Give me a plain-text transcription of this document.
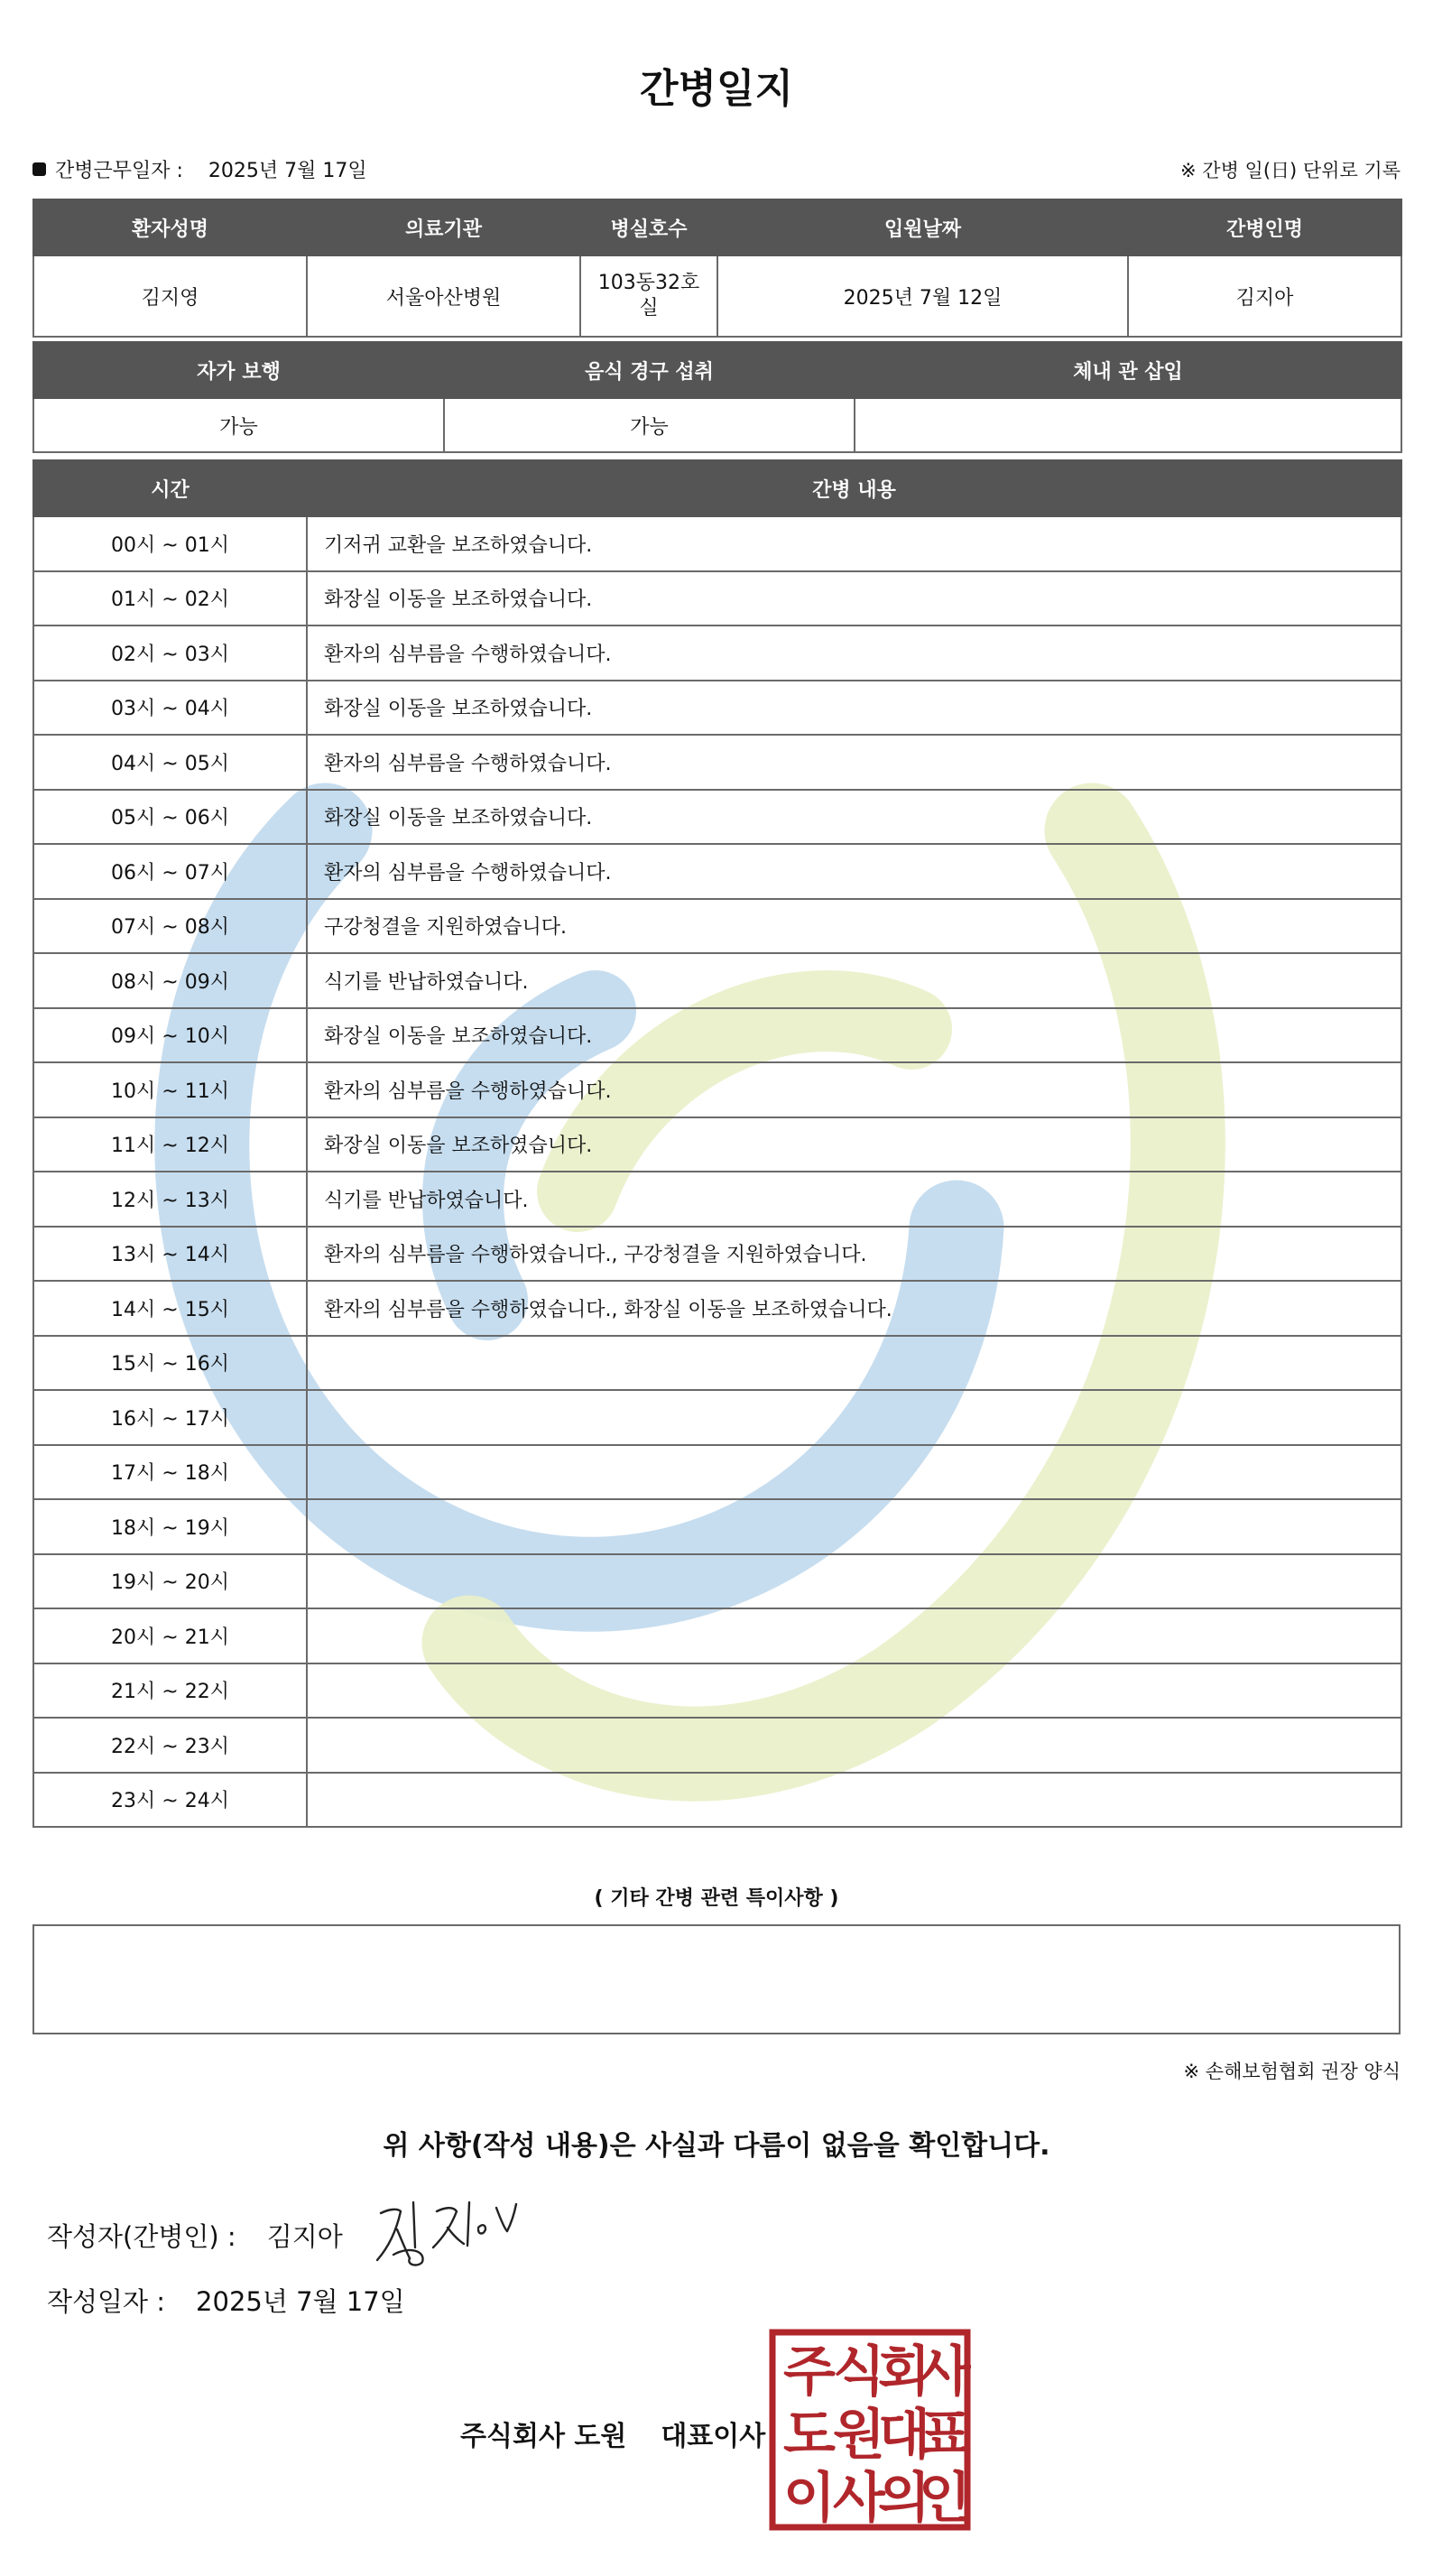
간병일지
간병근무일자 : 2025년 7월 17일	※ 간병 일(日) 단위로 기록
환자성명	의료기관	병실호수	입원날짜	간병인명
김지영	서울아산병원	103동32호실	2025년 7월 12일	김지아
자가 보행	음식 경구 섭취	체내 관 삽입
가능	가능	
시간	간병 내용
00시 ~ 01시	기저귀 교환을 보조하였습니다.
01시 ~ 02시	화장실 이동을 보조하였습니다.
02시 ~ 03시	환자의 심부름을 수행하였습니다.
03시 ~ 04시	화장실 이동을 보조하였습니다.
04시 ~ 05시	환자의 심부름을 수행하였습니다.
05시 ~ 06시	화장실 이동을 보조하였습니다.
06시 ~ 07시	환자의 심부름을 수행하였습니다.
07시 ~ 08시	구강청결을 지원하였습니다.
08시 ~ 09시	식기를 반납하였습니다.
09시 ~ 10시	화장실 이동을 보조하였습니다.
10시 ~ 11시	환자의 심부름을 수행하였습니다.
11시 ~ 12시	화장실 이동을 보조하였습니다.
12시 ~ 13시	식기를 반납하였습니다.
13시 ~ 14시	환자의 심부름을 수행하였습니다., 구강청결을 지원하였습니다.
14시 ~ 15시	환자의 심부름을 수행하였습니다., 화장실 이동을 보조하였습니다.
15시 ~ 16시	
16시 ~ 17시	
17시 ~ 18시	
18시 ~ 19시	
19시 ~ 20시	
20시 ~ 21시	
21시 ~ 22시	
22시 ~ 23시	
23시 ~ 24시	
( 기타 간병 관련 특이사항 )
※ 손해보험협회 권장 양식
위 사항(작성 내용)은 사실과 다름이 없음을 확인합니다.
작성자(간병인) : 김지아
작성일자 : 2025년 7월 17일
주식회사 도원 대표이사
주
식
회
사
도
원
대
표
이
사
의
인
